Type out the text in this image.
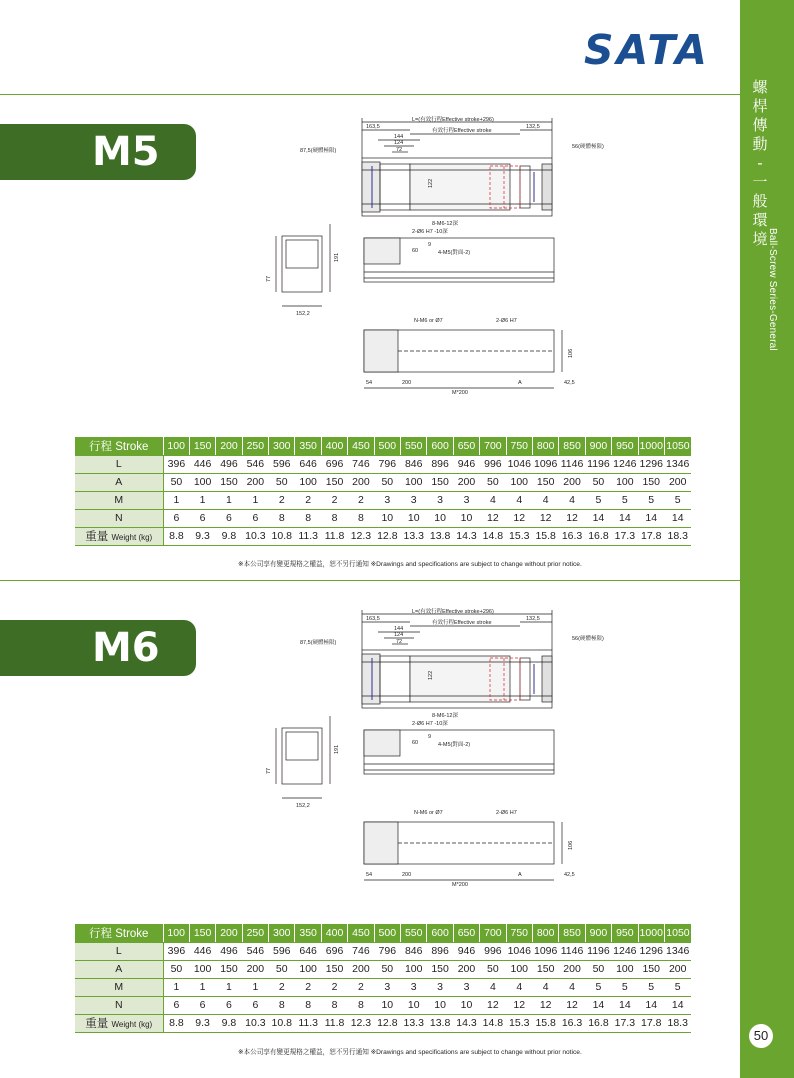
螺
桿
傳
動
-
一
般
環
境 Ball-Screw Series-General
50
SATA
M5
M6
L=(有效行程Effective stroke+296)
有效行程Effective stroke
163,5	132,5
144
124
72
122
87,5(硬體極限)
56(硬體極限)
8-M6-12深
2-Ø6 H7 -10深
152,2
77
191
60
9
4-M5(對面-2)
N-M6 or Ø7	2-Ø6 H7
106
54	200	A	42,5
M*200
L=(有效行程Effective stroke+296)
有效行程Effective stroke
163,5	132,5
144
124
72
122
87,5(硬體極限)
56(硬體極限)
8-M6-12深
2-Ø6 H7 -10深
152,2
77
191
60
9
4-M5(對面-2)
N-M6 or Ø7	2-Ø6 H7
106
54	200	A	42,5
M*200
行程 Stroke	100	150	200	250	300	350	400	450	500	550	600	650	700	750	800	850	900	950	1000	1050
L	396	446	496	546	596	646	696	746	796	846	896	946	996	1046	1096	1146	1196	1246	1296	1346
A	50	100	150	200	50	100	150	200	50	100	150	200	50	100	150	200	50	100	150	200
M	1	1	1	1	2	2	2	2	3	3	3	3	4	4	4	4	5	5	5	5
N	6	6	6	6	8	8	8	8	10	10	10	10	12	12	12	12	14	14	14	14
重量 Weight (kg)	8.8	9.3	9.8	10.3	10.8	11.3	11.8	12.3	12.8	13.3	13.8	14.3	14.8	15.3	15.8	16.3	16.8	17.3	17.8	18.3
※本公司享有變更規格之權益，恕不另行通知 ※Drawings and specifications are subject to change without prior notice.
行程 Stroke	100	150	200	250	300	350	400	450	500	550	600	650	700	750	800	850	900	950	1000	1050
L	396	446	496	546	596	646	696	746	796	846	896	946	996	1046	1096	1146	1196	1246	1296	1346
A	50	100	150	200	50	100	150	200	50	100	150	200	50	100	150	200	50	100	150	200
M	1	1	1	1	2	2	2	2	3	3	3	3	4	4	4	4	5	5	5	5
N	6	6	6	6	8	8	8	8	10	10	10	10	12	12	12	12	14	14	14	14
重量 Weight (kg)	8.8	9.3	9.8	10.3	10.8	11.3	11.8	12.3	12.8	13.3	13.8	14.3	14.8	15.3	15.8	16.3	16.8	17.3	17.8	18.3
※本公司享有變更規格之權益，恕不另行通知 ※Drawings and specifications are subject to change without prior notice.
